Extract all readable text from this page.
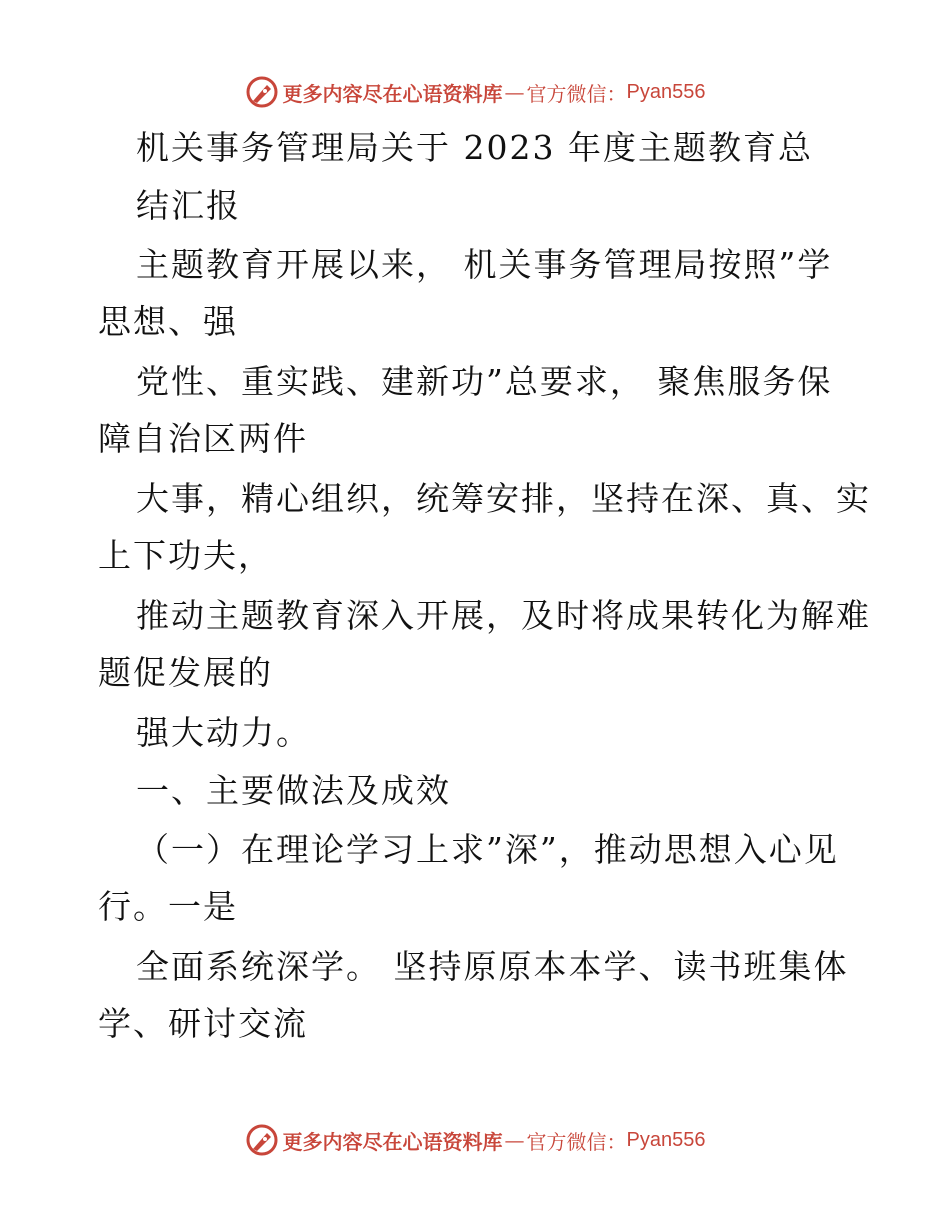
更多内容尽在心语资料库 — 官方微信： Pyan556
机关事务管理局关于 2023 年度主题教育总
结汇报
主题教育开展以来， 机关事务管理局按照”学
思想、强
党性、重实践、建新功”总要求， 聚焦服务保
障自治区两件
大事，精心组织，统筹安排，坚持在深、真、实
上下功夫，
推动主题教育深入开展，及时将成果转化为解难
题促发展的
强大动力。
一、主要做法及成效
（一）在理论学习上求”深”，推动思想入心见
行。一是
全面系统深学。 坚持原原本本学、读书班集体
学、研讨交流
更多内容尽在心语资料库 — 官方微信： Pyan556
